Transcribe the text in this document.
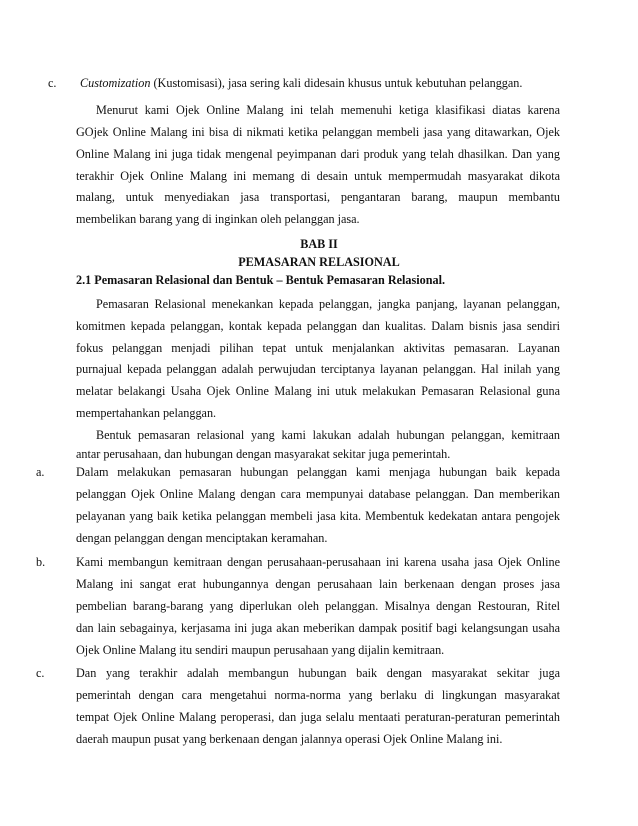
c. Customization (Kustomisasi), jasa sering kali didesain khusus untuk kebutuhan pelanggan.
Menurut kami Ojek Online Malang ini telah memenuhi ketiga klasifikasi diatas karena
GOjek Online Malang ini bisa di nikmati ketika pelanggan membeli jasa yang ditawarkan, Ojek
Online Malang ini juga tidak mengenal peyimpanan dari produk yang telah dhasilkan. Dan yang
terakhir Ojek Online Malang ini memang di desain untuk mempermudah masyarakat dikota
malang, untuk menyediakan jasa transportasi, pengantaran barang, maupun membantu
membelikan barang yang di inginkan oleh pelanggan jasa.
BAB II
PEMASARAN RELASIONAL
2.1 Pemasaran Relasional dan Bentuk – Bentuk Pemasaran Relasional.
Pemasaran Relasional menekankan kepada pelanggan, jangka panjang, layanan pelanggan,
komitmen kepada pelanggan, kontak kepada pelanggan dan kualitas. Dalam bisnis jasa sendiri
fokus pelanggan menjadi pilihan tepat untuk menjalankan aktivitas pemasaran. Layanan
purnajual kepada pelanggan adalah perwujudan terciptanya layanan pelanggan. Hal inilah yang
melatar belakangi Usaha Ojek Online Malang ini utuk melakukan Pemasaran Relasional guna
mempertahankan pelanggan.
Bentuk pemasaran relasional yang kami lakukan adalah hubungan pelanggan, kemitraan
antar perusahaan, dan hubungan dengan masyarakat sekitar juga pemerintah.
a.	Dalam melakukan pemasaran hubungan pelanggan kami menjaga hubungan baik kepada
pelanggan Ojek Online Malang dengan cara mempunyai database pelanggan. Dan memberikan
pelayanan yang baik ketika pelanggan membeli jasa kita. Membentuk kedekatan antara pengojek
dengan pelanggan dengan menciptakan keramahan.
b.	Kami membangun kemitraan dengan perusahaan-perusahaan ini karena usaha jasa Ojek Online
Malang ini sangat erat hubungannya dengan perusahaan lain berkenaan dengan proses jasa
pembelian barang-barang yang diperlukan oleh pelanggan. Misalnya dengan Restouran, Ritel
dan lain sebagainya, kerjasama ini juga akan meberikan dampak positif bagi kelangsungan usaha
Ojek Online Malang itu sendiri maupun perusahaan yang dijalin kemitraan.
c.	Dan yang terakhir adalah membangun hubungan baik dengan masyarakat sekitar juga
pemerintah dengan cara mengetahui norma-norma yang berlaku di lingkungan masyarakat
tempat Ojek Online Malang peroperasi, dan juga selalu mentaati peraturan-peraturan pemerintah
daerah maupun pusat yang berkenaan dengan jalannya operasi Ojek Online Malang ini.
